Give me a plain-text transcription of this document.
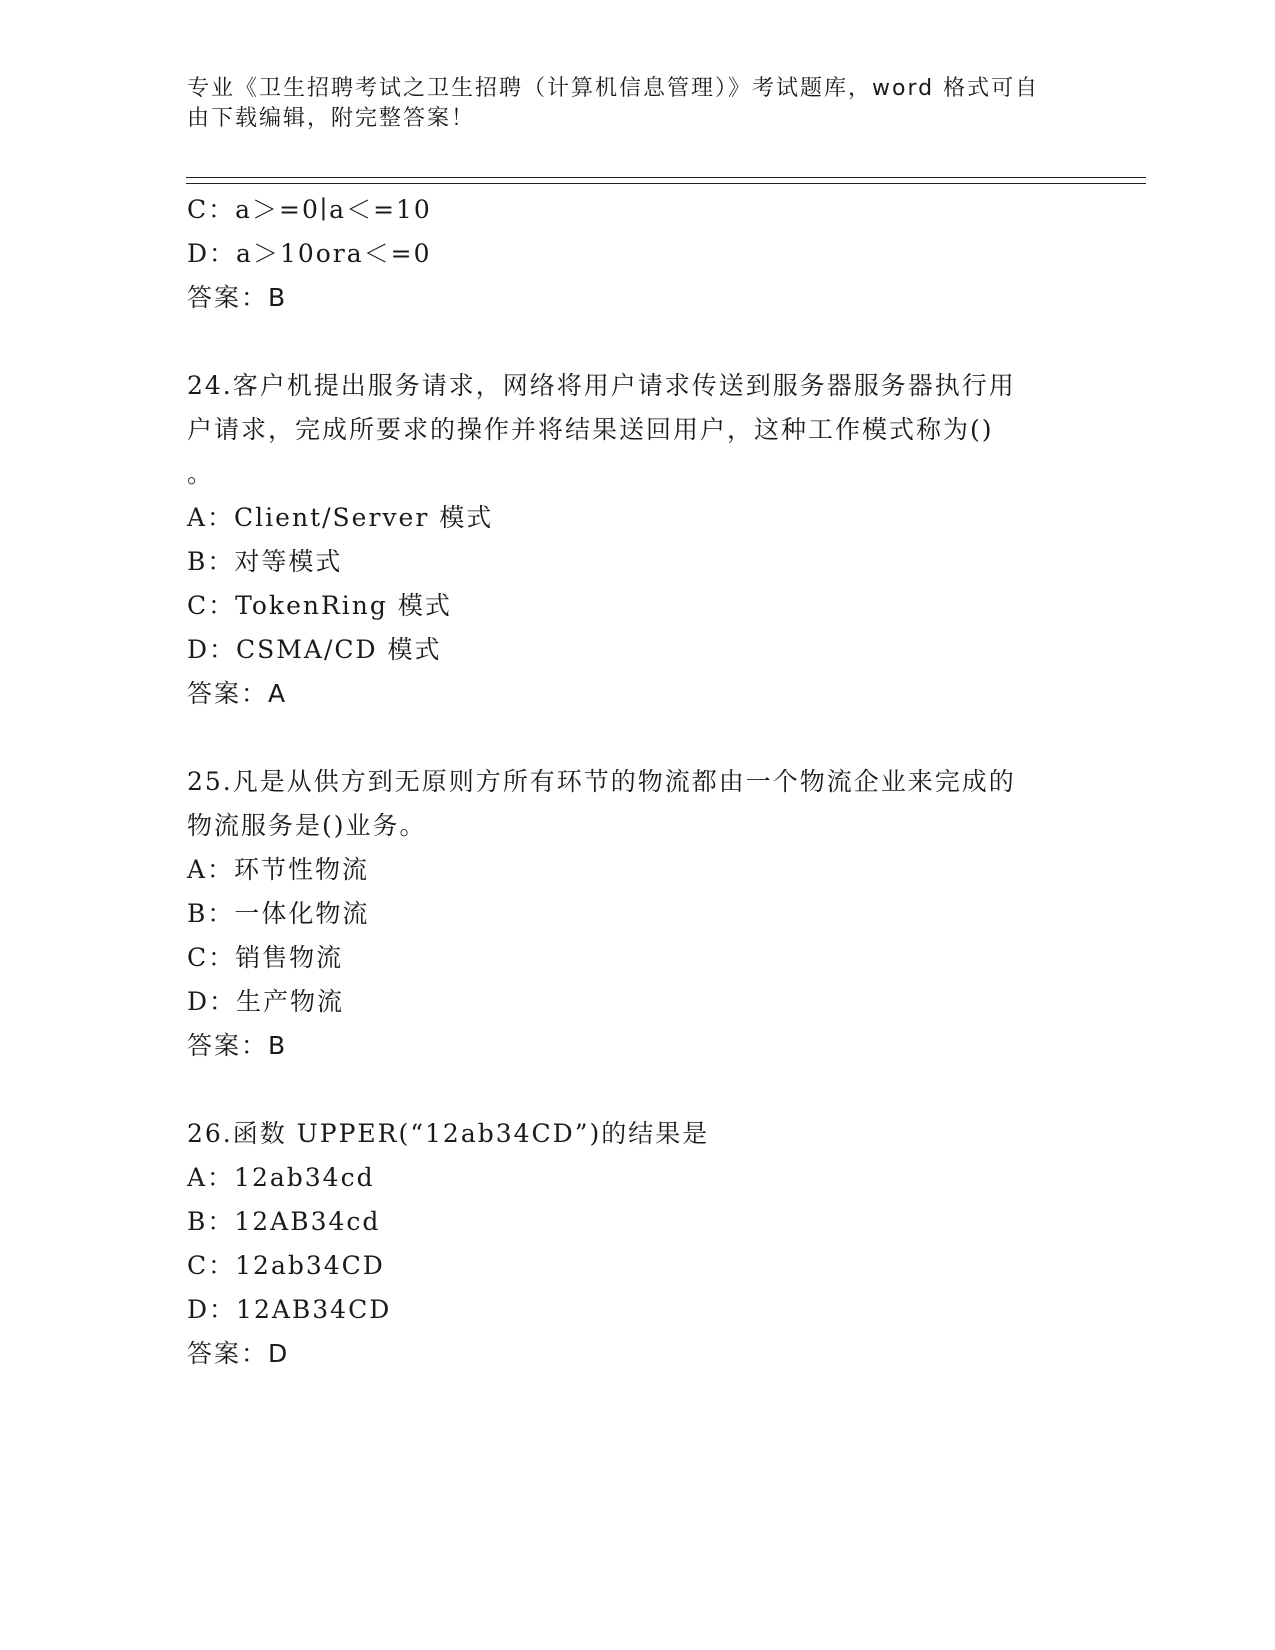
专业《卫生招聘考试之卫生招聘（计算机信息管理）》考试题库，word 格式可自
由下载编辑，附完整答案！
C：a＞=0∣a＜=10
D：a＞10ora＜=0
答案：B
24.客户机提出服务请求，网络将用户请求传送到服务器服务器执行用
户请求，完成所要求的操作并将结果送回用户，这种工作模式称为()
。
A：Client/Server 模式
B：对等模式
C：TokenRing 模式
D：CSMA/CD 模式
答案：A
25.凡是从供方到无原则方所有环节的物流都由一个物流企业来完成的
物流服务是()业务。
A：环节性物流
B：一体化物流
C：销售物流
D：生产物流
答案：B
26.函数 UPPER(“12ab34CD”)的结果是
A：12ab34cd
B：12AB34cd
C：12ab34CD
D：12AB34CD
答案：D
